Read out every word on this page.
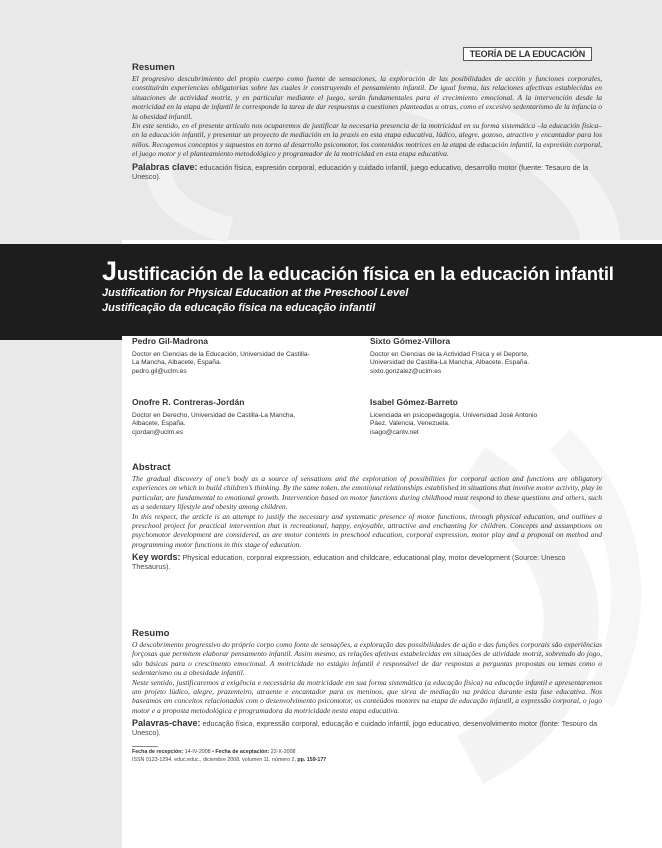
TEORÍA DE LA EDUCACIÓN

Resumen

El progresivo descubrimiento del propio cuerpo como fuente de sensaciones, la exploración de las posibilidades de acción y funciones corporales, constituirán experiencias obligatorias sobre las cuales ir construyendo el pensamiento infantil. De igual forma, las relaciones afectivas establecidas en situaciones de actividad motriz, y en particular mediante el juego, serán fundamentales para el crecimiento emocional. A la intervención desde la motricidad en la etapa de infantil le corresponde la tarea de dar respuestas a cuestiones planteadas u otras, como el excesivo sedentarismo de la infancia o la obesidad infantil.

En este sentido, en el presente artículo nos ocuparemos de justificar la necesaria presencia de la motricidad en su forma sistemática –la educación física– en la educación infantil, y presentar un proyecto de mediación en la praxis en esta etapa educativa, lúdico, alegre, gozoso, atractivo y encantador para los niños. Recogemos conceptos y supuestos en torno al desarrollo psicomotor, los contenidos motrices en la etapa de educación infantil, la expresión corporal, el juego motor y el planteamiento metodológico y programador de la motricidad en esta etapa educativa.

Palabras clave: educación física, expresión corporal, educación y cuidado infantil, juego educativo, desarrollo motor (fuente: Tesauro de la Unesco).

Justificación de la educación física en la educación infantil

Justification for Physical Education at the Preschool Level

Justificação da educação física na educação infantil

Pedro Gil-Madrona

Doctor en Ciencias de la Educación, Universidad de Castilla-
La Mancha, Albacete, España.
pedro.gil@uclm.es

Sixto Gómez-Villora

Doctor en Ciencias de la Actividad Física y el Deporte,
Universidad de Castilla-La Mancha, Albacete, España.
sixto.gonzalez@uclm.es

Onofre R. Contreras-Jordán

Doctor en Derecho, Universidad de Castilla-La Mancha,
Albacete, España.
cjordan@uclm.es

Isabel Gómez-Barreto

Licenciada en psicopedagogía, Universidad José Antonio
Páez, Valencia, Venezuela.
isago@cantv.net

Abstract

The gradual discovery of one’s body as a source of sensations and the exploration of possibilities for corporal action and functions are obligatory experiences on which to build children’s thinking. By the same token, the emotional relationships established in situations that involve motor activity, play in particular, are fundamental to emotional growth. Intervention based on motor functions during childhood must respond to these questions and others, such as a sedentary lifestyle and obesity among children.

In this respect, the article is an attempt to justify the necessary and systematic presence of motor functions, through physical education, and outlines a preschool project for practical intervention that is recreational, happy, enjoyable, attractive and enchanting for children. Concepts and assumptions on psychomotor development are considered, as are motor contents in preschool education, corporal expression, motor play and a proposal on method and programming motor functions in this stage of education.

Key words: Physical education, corporal expression, education and childcare, educational play, motor development (Source: Unesco Thesaurus).

Resumo

O descobrimento progressivo do próprio corpo como fonte de sensações, a exploração das possibilidades de ação e das funções corporais são experiências forçosas que permitem elaborar pensamento infantil. Assim mesmo, as relações afetivas estabelecidas em situações de atividade motriz, sobretudo do jogo, são básicas para o crescimento emocional. A motricidade no estágio infantil é responsável de dar respostas a perguntas propostas ou temas como o sedentarismo ou a obesidade infantil.

Neste sentido, justificaremos a exigência e necessária da motricidade em sua forma sistemática (a educação física) na educação infantil e apresentaremos um projeto lúdico, alegre, prazenteiro, atraente e encantador para os meninos, que sirva de mediação na prática durante esta fase educativa. Nos baseamos em conceitos relacionados com o desenvolvimento psicomotor, os conteúdos motores na etapa de educação infantil, a expressão corporal, o jogo motor e a proposta metodológica e programadora da motricidade nesta etapa educativa.

Palavras-chave: educação física, expressão corporal, educação e cuidado infantil, jogo educativo, desenvolvimento motor (fonte: Tesouro da Unesco).

Fecha de recepción: 14-IV-2008 • Fecha de aceptación: 22-X-2008
ISSN 0123-1294. educ.educ., diciembre 2008, volumen 11, número 2, pp. 159-177
